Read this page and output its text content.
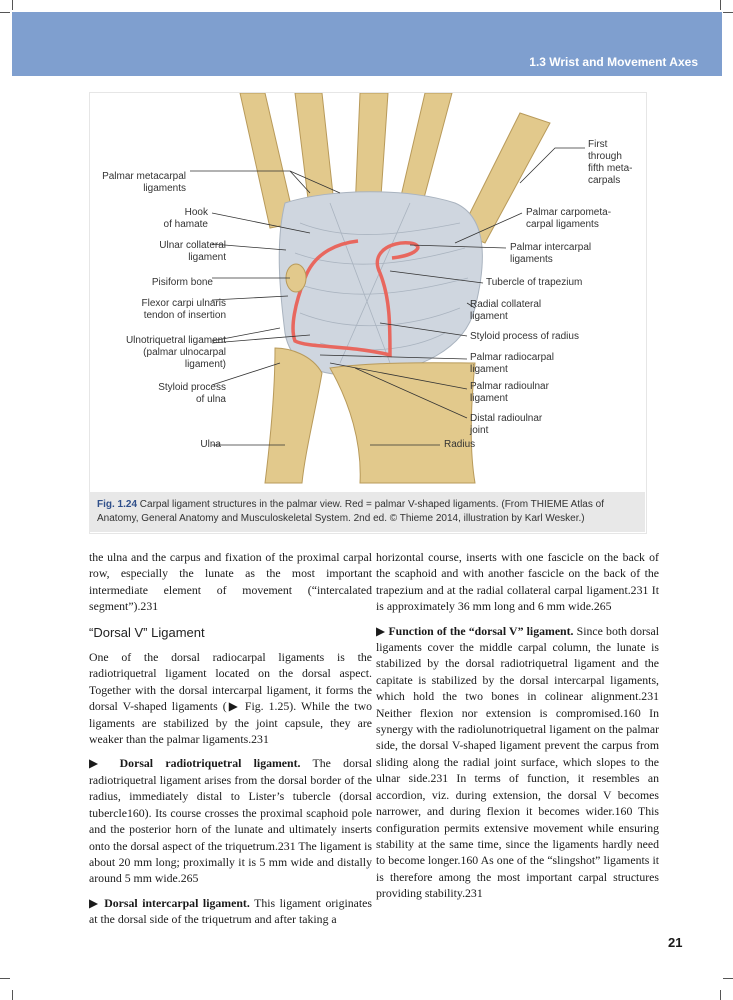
1.3 Wrist and Movement Axes
Palmar metacarpal
ligaments
Hook
of hamate
Ulnar collateral
ligament
Pisiform bone
Flexor carpi ulnaris
tendon of insertion
Ulnotriquetral ligament
(palmar ulnocarpal
ligament)
Styloid process
of ulna
Ulna
First
through
fifth meta-
carpals
Palmar carpometa-
carpal ligaments
Palmar intercarpal
ligaments
Tubercle of trapezium
Radial collateral
ligament
Styloid process of radius
Palmar radiocarpal
ligament
Palmar radioulnar
ligament
Distal radioulnar
joint
Radius
Fig. 1.24 Carpal ligament structures in the palmar view. Red = palmar V-shaped ligaments. (From THIEME Atlas of Anatomy, General Anatomy and Musculoskeletal System. 2nd ed. © Thieme 2014, illustration by Karl Wesker.)

the ulna and the carpus and fixation of the proximal carpal row, especially the lunate as the most important intermediate element of movement (“intercalated segment”).231

“Dorsal V” Ligament

One of the dorsal radiocarpal ligaments is the radiotriquetral ligament located on the dorsal aspect. Together with the dorsal intercarpal ligament, it forms the dorsal V-shaped ligaments (▶ Fig. 1.25). While the two ligaments are stabilized by the joint capsule, they are weaker than the palmar ligaments.231

▶ Dorsal radiotriquetral ligament. The dorsal radiotriquetral ligament arises from the dorsal border of the radius, immediately distal to Lister’s tubercle (dorsal tubercle160). Its course crosses the proximal scaphoid pole and the posterior horn of the lunate and ultimately inserts onto the dorsal aspect of the triquetrum.231 The ligament is about 20 mm long; proximally it is 5 mm wide and distally around 5 mm wide.265

▶ Dorsal intercarpal ligament. This ligament originates at the dorsal side of the triquetrum and after taking a

horizontal course, inserts with one fascicle on the back of the scaphoid and with another fascicle on the back of the trapezium and at the radial collateral carpal ligament.231 It is approximately 36 mm long and 6 mm wide.265

▶ Function of the “dorsal V” ligament. Since both dorsal ligaments cover the middle carpal column, the lunate is stabilized by the dorsal radiotriquetral ligament and the capitate is stabilized by the dorsal intercarpal ligaments, which hold the two bones in colinear alignment.231 Neither flexion nor extension is compromised.160 In synergy with the radiolunotriquetral ligament on the palmar side, the dorsal V-shaped ligament prevent the carpus from sliding along the radial joint surface, which slopes to the ulnar side.231 In terms of function, it resembles an accordion, viz. during extension, the dorsal V becomes narrower, and during flexion it becomes wider.160 This configuration permits extensive movement while ensuring stability at the same time, since the ligaments hardly need to become longer.160 As one of the “slingshot” ligaments it is therefore among the most important carpal structures providing stability.231

21
